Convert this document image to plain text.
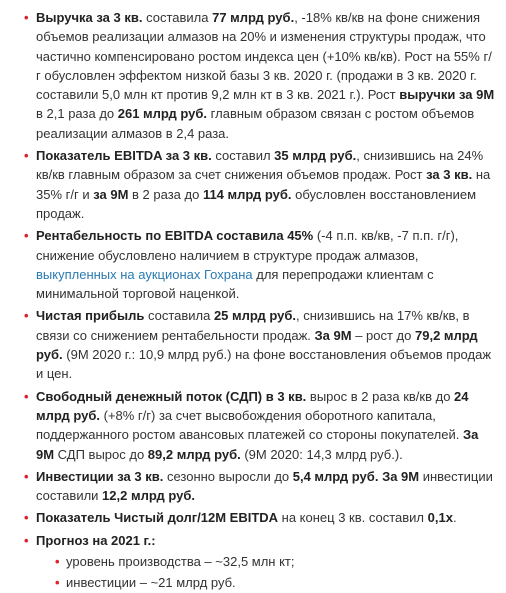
• Выручка за 3 кв. составила 77 млрд руб., -18% кв/кв на фоне снижения объемов реализации алмазов на 20% и изменения структуры продаж, что частично компенсировано ростом индекса цен (+10% кв/кв). Рост на 55% г/г обусловлен эффектом низкой базы 3 кв. 2020 г. (продажи в 3 кв. 2020 г. составили 5,0 млн кт против 9,2 млн кт в 3 кв. 2021 г.). Рост выручки за 9М в 2,1 раза до 261 млрд руб. главным образом связан с ростом объемов реализации алмазов в 2,4 раза.
• Показатель EBITDA за 3 кв. составил 35 млрд руб., снизившись на 24% кв/кв главным образом за счет снижения объемов продаж. Рост за 3 кв. на 35% г/г и за 9М в 2 раза до 114 млрд руб. обусловлен восстановлением продаж.
• Рентабельность по EBITDA составила 45% (-4 п.п. кв/кв, -7 п.п. г/г), снижение обусловлено наличием в структуре продаж алмазов, выкупленных на аукционах Гохрана для перепродажи клиентам с минимальной торговой наценкой.
• Чистая прибыль составила 25 млрд руб., снизившись на 17% кв/кв, в связи со снижением рентабельности продаж. За 9М – рост до 79,2 млрд руб. (9М 2020 г.: 10,9 млрд руб.) на фоне восстановления объемов продаж и цен.
• Свободный денежный поток (СДП) в 3 кв. вырос в 2 раза кв/кв до 24 млрд руб. (+8% г/г) за счет высвобождения оборотного капитала, поддержанного ростом авансовых платежей со стороны покупателей. За 9М СДП вырос до 89,2 млрд руб. (9М 2020: 14,3 млрд руб.).
• Инвестиции за 3 кв. сезонно выросли до 5,4 млрд руб. За 9М инвестиции составили 12,2 млрд руб.
• Показатель Чистый долг/12М EBITDA на конец 3 кв. составил 0,1x.
• Прогноз на 2021 г.:
• уровень производства – ~32,5 млн кт;
• инвестиции – ~21 млрд руб.
